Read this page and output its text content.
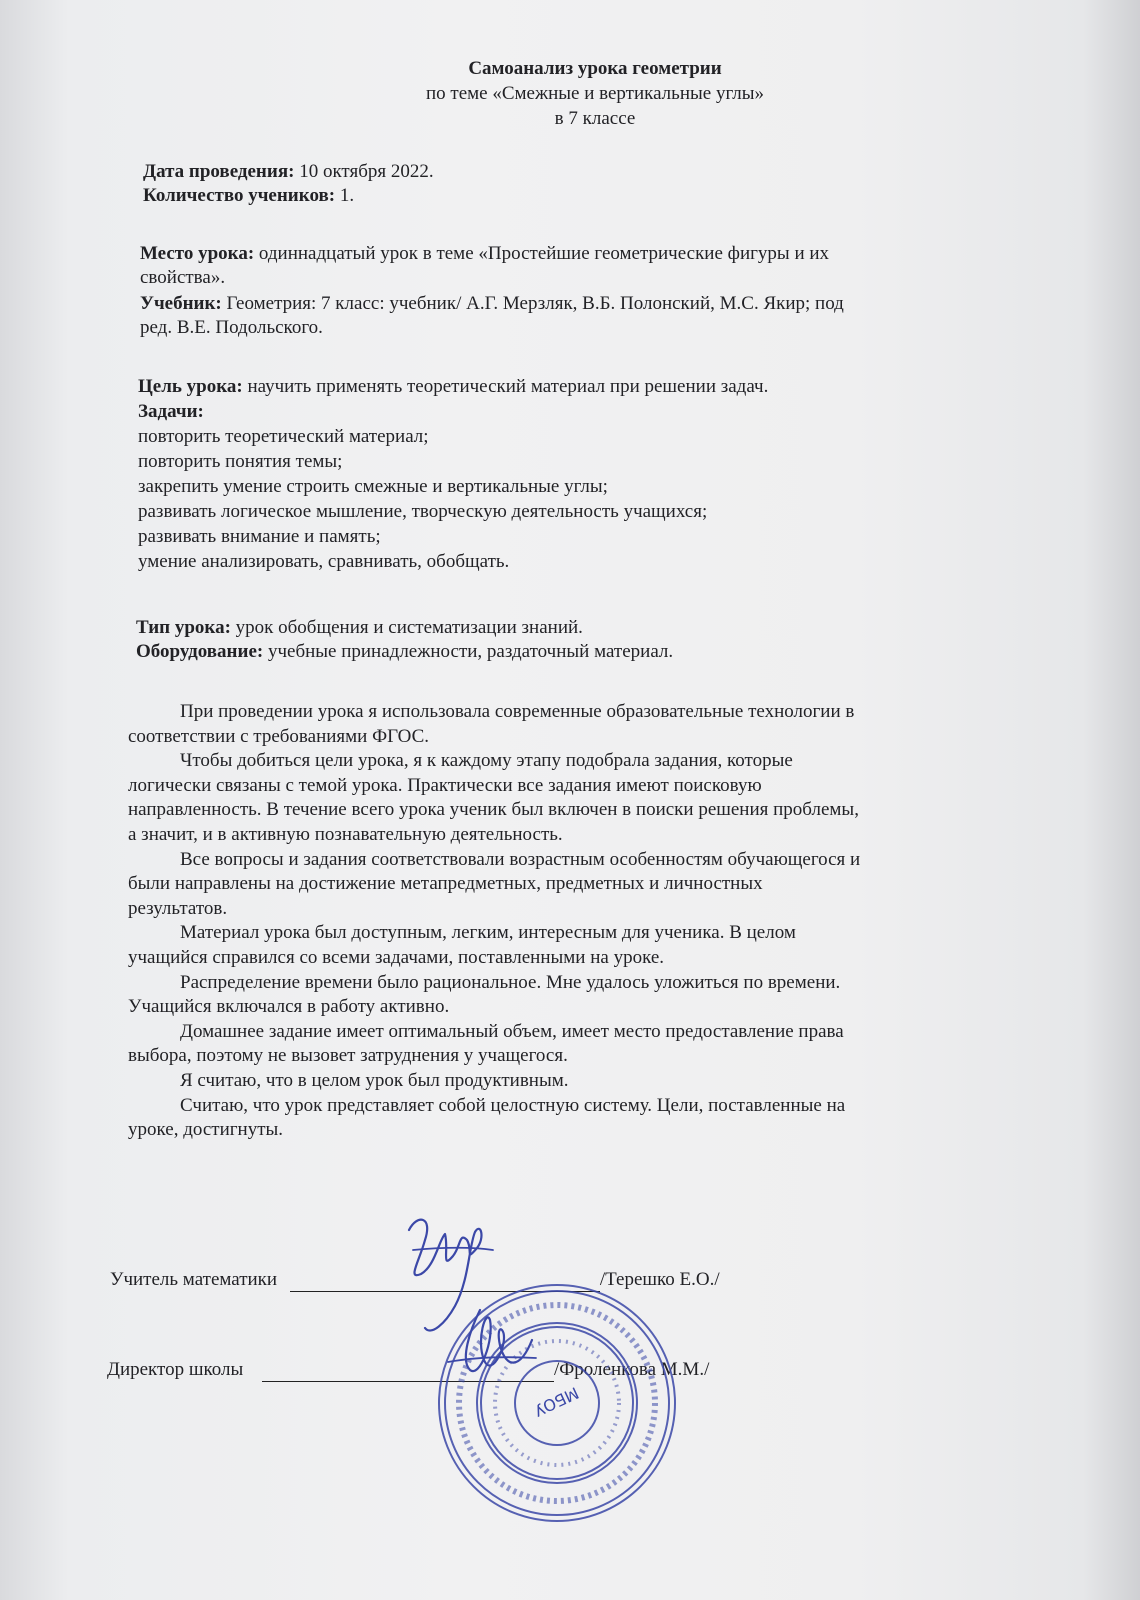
Самоанализ урока геометрии
по теме «Смежные и вертикальные углы»
в 7 классе
Дата проведения: 10 октября 2022.
Количество учеников: 1.
Место урока: одиннадцатый урок в теме «Простейшие геометрические фигуры и их
свойства».
Учебник: Геометрия: 7 класс: учебник/ А.Г. Мерзляк, В.Б. Полонский, М.С. Якир; под
ред. В.Е. Подольского.
Цель урока: научить применять теоретический материал при решении задач.
Задачи:
повторить теоретический материал;
повторить понятия темы;
закрепить умение строить смежные и вертикальные углы;
развивать логическое мышление, творческую деятельность учащихся;
развивать внимание и память;
умение анализировать, сравнивать, обобщать.
Тип урока: урок обобщения и систематизации знаний.
Оборудование: учебные принадлежности, раздаточный материал.
При проведении урока я использовала современные образовательные технологии в
соответствии с требованиями ФГОС.
Чтобы добиться цели урока, я к каждому этапу подобрала задания, которые
логически связаны с темой урока. Практически все задания имеют поисковую
направленность. В течение всего урока ученик был включен в поиски решения проблемы,
а значит, и в активную познавательную деятельность.
Все вопросы и задания соответствовали возрастным особенностям обучающегося и
были направлены на достижение метапредметных, предметных и личностных
результатов.
Материал урока был доступным, легким, интересным для ученика. В целом
учащийся справился со всеми задачами, поставленными на уроке.
Распределение времени было рациональное. Мне удалось уложиться по времени.
Учащийся включался в работу активно.
Домашнее задание имеет оптимальный объем, имеет место предоставление права
выбора, поэтому не вызовет затруднения у учащегося.
Я считаю, что в целом урок был продуктивным.
Считаю, что урок представляет собой целостную систему. Цели, поставленные на
уроке, достигнуты.
Учитель математики	/Терешко Е.О./
Директор школы	/Фроленкова М.М./
МБОУ
